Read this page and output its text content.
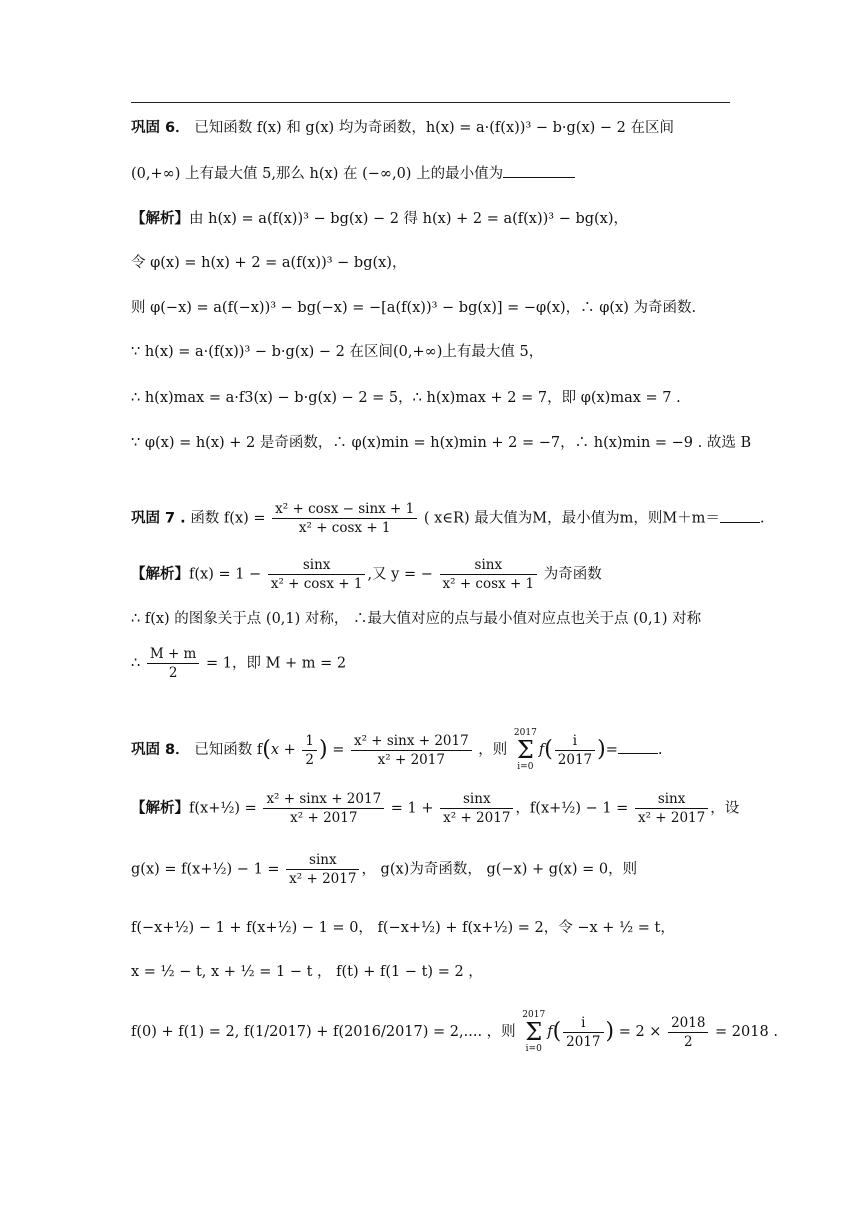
巩固 6． 已知函数 f(x) 和 g(x) 均为奇函数，h(x) = a·(f(x))³ − b·g(x) − 2 在区间
(0,+∞) 上有最大值 5,那么 h(x) 在 (−∞,0) 上的最小值为
【解析】由 h(x) = a(f(x))³ − bg(x) − 2 得 h(x) + 2 = a(f(x))³ − bg(x)，
令 φ(x) = h(x) + 2 = a(f(x))³ − bg(x)，
则 φ(−x) = a(f(−x))³ − bg(−x) = −[a(f(x))³ − bg(x)] = −φ(x)，∴ φ(x) 为奇函数.
∵ h(x) = a·(f(x))³ − b·g(x) − 2 在区间(0,+∞)上有最大值 5，
∴ h(x)max = a·f3(x) − b·g(x) − 2 = 5，∴ h(x)max + 2 = 7，即 φ(x)max = 7 .
∵ φ(x) = h(x) + 2 是奇函数，∴ φ(x)min = h(x)min + 2 = −7，∴ h(x)min = −9 . 故选 B
巩固 7 . 函数 $f(x) = \frac{\text{x² + cosx − sinx + 1}}{\text{x² + cosx + 1}}$ ( x∈R) 最大值为M，最小值为m，则M＋m＝	.
【解析】$f(x) = 1 - \frac{\sin x}{\text{x² + cosx + 1}}$ ,又 y = − $\frac{\sin x}{\text{x² + cosx + 1}}$ 为奇函数
∴ f(x) 的图象关于点 (0,1) 对称， ∴最大值对应的点与最小值对应点也关于点 (0,1) 对称
∴ $\frac{M + m}{2} = 1$，即 M + m = 2
巩固 8． 已知函数 $f(x + \frac{1}{2}$ ) = $\frac{\text{x² + sinx + 2017}}{\text{x² + 2017}}$ ，则 2017
Σ
$i=0f( \frac{i}{2017}$ )=	.
【解析】f(x+½) = $\frac{\text{x² + sinx + 2017}}{\text{x² + 2017}} = 1 + \frac{\sin x}{\text{x² + 2017}}$ ，f(x+½) − $1 = \frac{\sin x}{\text{x² + 2017}}$ ，设
g(x) = f(x+½) − $1 = \frac{\sin x}{\text{x² + 2017}}$ ， g(x)为奇函数， g(−x) + g(x) = 0，则
f(−x+½) − 1 + f(x+½) − 1 = 0， f(−x+½) + f(x+½) = 2，令 −x + ½ = t，
x = ½ − t, x + ½ = 1 − t ， f(t) + f(1 − t) = 2 ，
f(0) + f(1) = 2, f(1/2017) + f(2016/2017) = 2,.... ，则 2017
Σ
$i=0f( \frac{i}{2017}$ ) = $2 \times \frac{2018}{2} = 2018$ .
